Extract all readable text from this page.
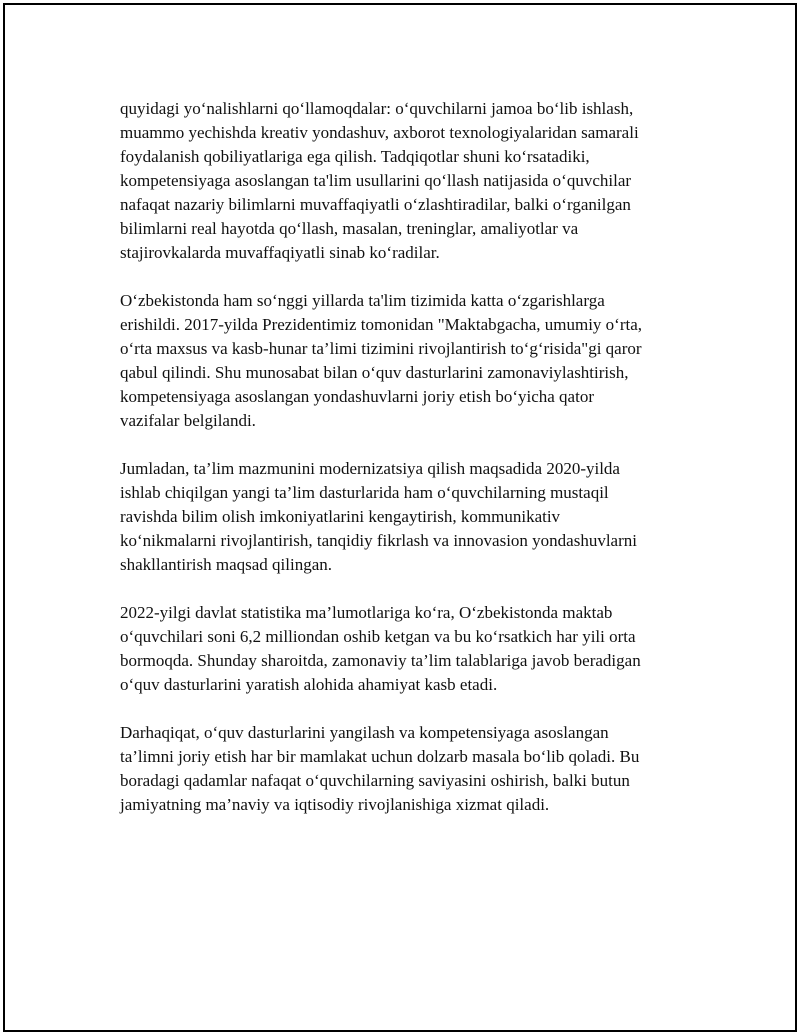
quyidagi yo‘nalishlarni qo‘llamoqdalar: o‘quvchilarni jamoa bo‘lib ishlash,
muammo yechishda kreativ yondashuv, axborot texnologiyalaridan samarali
foydalanish qobiliyatlariga ega qilish. Tadqiqotlar shuni ko‘rsatadiki,
kompetensiyaga asoslangan ta'lim usullarini qo‘llash natijasida o‘quvchilar
nafaqat nazariy bilimlarni muvaffaqiyatli o‘zlashtiradilar, balki o‘rganilgan
bilimlarni real hayotda qo‘llash, masalan, treninglar, amaliyotlar va
stajirovkalarda muvaffaqiyatli sinab ko‘radilar.

O‘zbekistonda ham so‘nggi yillarda ta'lim tizimida katta o‘zgarishlarga
erishildi. 2017-yilda Prezidentimiz tomonidan "Maktabgacha, umumiy o‘rta,
o‘rta maxsus va kasb-hunar ta’limi tizimini rivojlantirish to‘g‘risida"gi qaror
qabul qilindi. Shu munosabat bilan o‘quv dasturlarini zamonaviylashtirish,
kompetensiyaga asoslangan yondashuvlarni joriy etish bo‘yicha qator
vazifalar belgilandi.

Jumladan, ta’lim mazmunini modernizatsiya qilish maqsadida 2020-yilda
ishlab chiqilgan yangi ta’lim dasturlarida ham o‘quvchilarning mustaqil
ravishda bilim olish imkoniyatlarini kengaytirish, kommunikativ
ko‘nikmalarni rivojlantirish, tanqidiy fikrlash va innovasion yondashuvlarni
shakllantirish maqsad qilingan.

2022-yilgi davlat statistika ma’lumotlariga ko‘ra, O‘zbekistonda maktab
o‘quvchilari soni 6,2 milliondan oshib ketgan va bu ko‘rsatkich har yili orta
bormoqda. Shunday sharoitda, zamonaviy ta’lim talablariga javob beradigan
o‘quv dasturlarini yaratish alohida ahamiyat kasb etadi.

Darhaqiqat, o‘quv dasturlarini yangilash va kompetensiyaga asoslangan
ta’limni joriy etish har bir mamlakat uchun dolzarb masala bo‘lib qoladi. Bu
boradagi qadamlar nafaqat o‘quvchilarning saviyasini oshirish, balki butun
jamiyatning ma’naviy va iqtisodiy rivojlanishiga xizmat qiladi.
